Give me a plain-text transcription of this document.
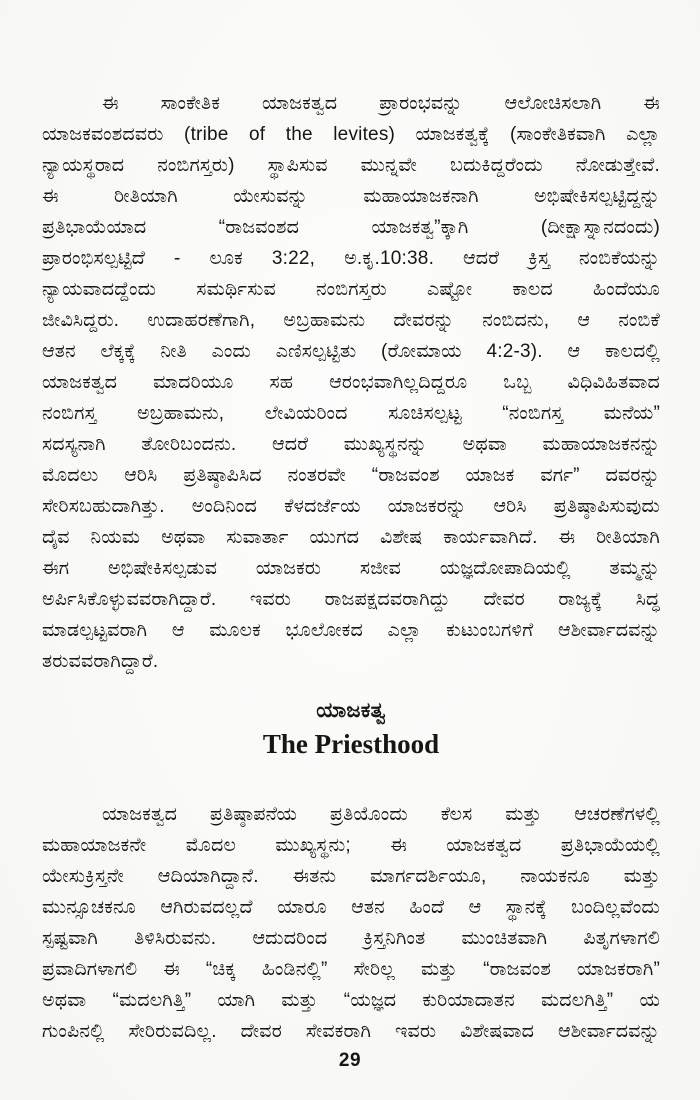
ಈ ಸಾಂಕೇತಿಕ ಯಾಜಕತ್ವದ ಪ್ರಾರಂಭವನ್ನು ಆಲೋಚಿಸಲಾಗಿ ಈ
ಯಾಜಕವಂಶದವರು (tribe of the levites) ಯಾಜಕತ್ವಕ್ಕೆ (ಸಾಂಕೇತಿಕವಾಗಿ ಎಲ್ಲಾ
ನ್ಯಾಯಸ್ಥರಾದ ನಂಬಿಗಸ್ತರು) ಸ್ಥಾಪಿಸುವ ಮುನ್ನವೇ ಬದುಕಿದ್ದರೆಂದು ನೋಡುತ್ತೇವೆ.
ಈ ರೀತಿಯಾಗಿ ಯೇಸುವನ್ನು ಮಹಾಯಾಜಕನಾಗಿ ಅಭಿಷೇಕಿಸಲ್ಪಟ್ಟಿದ್ದನ್ನು
ಪ್ರತಿಭಾಯೆಯಾದ “ರಾಜವಂಶದ ಯಾಜಕತ್ವ”ಕ್ಕಾಗಿ (ದೀಕ್ಷಾಸ್ನಾನದಂದು)
ಪ್ರಾರಂಭಿಸಲ್ಪಟ್ಟಿದೆ - ಲೂಕ 3:22, ಅ.ಕೃ.10:38. ಆದರೆ ಕ್ರಿಸ್ತ ನಂಬಿಕೆಯನ್ನು
ನ್ಯಾಯವಾದದ್ದೆಂದು ಸಮರ್ಥಿಸುವ ನಂಬಿಗಸ್ತರು ಎಷ್ಟೋ ಕಾಲದ ಹಿಂದೆಯೂ
ಜೀವಿಸಿದ್ದರು. ಉದಾಹರಣೆಗಾಗಿ, ಅಬ್ರಹಾಮನು ದೇವರನ್ನು ನಂಬಿದನು, ಆ ನಂಬಿಕೆ
ಆತನ ಲೆಕ್ಕಕ್ಕೆ ನೀತಿ ಎಂದು ಎಣಿಸಲ್ಪಟ್ಟಿತು (ರೋಮಾಯ 4:2-3). ಆ ಕಾಲದಲ್ಲಿ
ಯಾಜಕತ್ವದ ಮಾದರಿಯೂ ಸಹ ಆರಂಭವಾಗಿಲ್ಲದಿದ್ದರೂ ಒಬ್ಬ ವಿಧಿವಿಹಿತವಾದ
ನಂಬಿಗಸ್ತ ಅಬ್ರಹಾಮನು, ಲೇವಿಯರಿಂದ ಸೂಚಿಸಲ್ಪಟ್ಟ “ನಂಬಿಗಸ್ತ ಮನೆಯ”
ಸದಸ್ಯನಾಗಿ ತೋರಿಬಂದನು. ಆದರೆ ಮುಖ್ಯಸ್ಥನನ್ನು ಅಥವಾ ಮಹಾಯಾಜಕನನ್ನು
ಮೊದಲು ಆರಿಸಿ ಪ್ರತಿಷ್ಠಾಪಿಸಿದ ನಂತರವೇ “ರಾಜವಂಶ ಯಾಜಕ ವರ್ಗ” ದವರನ್ನು
ಸೇರಿಸಬಹುದಾಗಿತ್ತು. ಅಂದಿನಿಂದ ಕೆಳದರ್ಜೆಯ ಯಾಜಕರನ್ನು ಆರಿಸಿ ಪ್ರತಿಷ್ಠಾಪಿಸುವುದು
ದೈವ ನಿಯಮ ಅಥವಾ ಸುವಾರ್ತಾ ಯುಗದ ವಿಶೇಷ ಕಾರ್ಯವಾಗಿದೆ. ಈ ರೀತಿಯಾಗಿ
ಈಗ ಅಭಿಷೇಕಿಸಲ್ಪಡುವ ಯಾಜಕರು ಸಜೀವ ಯಜ್ಞದೋಪಾದಿಯಲ್ಲಿ ತಮ್ಮನ್ನು
ಅರ್ಪಿಸಿಕೊಳ್ಳುವವರಾಗಿದ್ದಾರೆ. ಇವರು ರಾಜಪಕ್ಷದವರಾಗಿದ್ದು ದೇವರ ರಾಜ್ಯಕ್ಕೆ ಸಿದ್ಧ
ಮಾಡಲ್ಪಟ್ಟವರಾಗಿ ಆ ಮೂಲಕ ಭೂಲೋಕದ ಎಲ್ಲಾ ಕುಟುಂಬಗಳಿಗೆ ಆಶೀರ್ವಾದವನ್ನು
ತರುವವರಾಗಿದ್ದಾರೆ.
ಯಾಜಕತ್ವ
The Priesthood
ಯಾಜಕತ್ವದ ಪ್ರತಿಷ್ಠಾಪನೆಯ ಪ್ರತಿಯೊಂದು ಕೆಲಸ ಮತ್ತು ಆಚರಣೆಗಳಲ್ಲಿ
ಮಹಾಯಾಜಕನೇ ಮೊದಲ ಮುಖ್ಯಸ್ಥನು; ಈ ಯಾಜಕತ್ವದ ಪ್ರತಿಭಾಯೆಯಲ್ಲಿ
ಯೇಸುಕ್ರಿಸ್ತನೇ ಆದಿಯಾಗಿದ್ದಾನೆ. ಈತನು ಮಾರ್ಗದರ್ಶಿಯೂ, ನಾಯಕನೂ ಮತ್ತು
ಮುನ್ಸೂಚಕನೂ ಆಗಿರುವದಲ್ಲದೆ ಯಾರೂ ಆತನ ಹಿಂದೆ ಆ ಸ್ಥಾನಕ್ಕೆ ಬಂದಿಲ್ಲವೆಂದು
ಸ್ಪಷ್ಟವಾಗಿ ತಿಳಿಸಿರುವನು. ಆದುದರಿಂದ ಕ್ರಿಸ್ತನಿಗಿಂತ ಮುಂಚಿತವಾಗಿ ಪಿತೃಗಳಾಗಲಿ
ಪ್ರವಾದಿಗಳಾಗಲಿ ಈ “ಚಿಕ್ಕ ಹಿಂಡಿನಲ್ಲಿ” ಸೇರಿಲ್ಲ ಮತ್ತು “ರಾಜವಂಶ ಯಾಜಕರಾಗಿ”
ಅಥವಾ “ಮದಲಗಿತ್ತಿ” ಯಾಗಿ ಮತ್ತು “ಯಜ್ಞದ ಕುರಿಯಾದಾತನ ಮದಲಗಿತ್ತಿ” ಯ
ಗುಂಪಿನಲ್ಲಿ ಸೇರಿರುವದಿಲ್ಲ. ದೇವರ ಸೇವಕರಾಗಿ ಇವರು ವಿಶೇಷವಾದ ಆಶೀರ್ವಾದವನ್ನು
29
